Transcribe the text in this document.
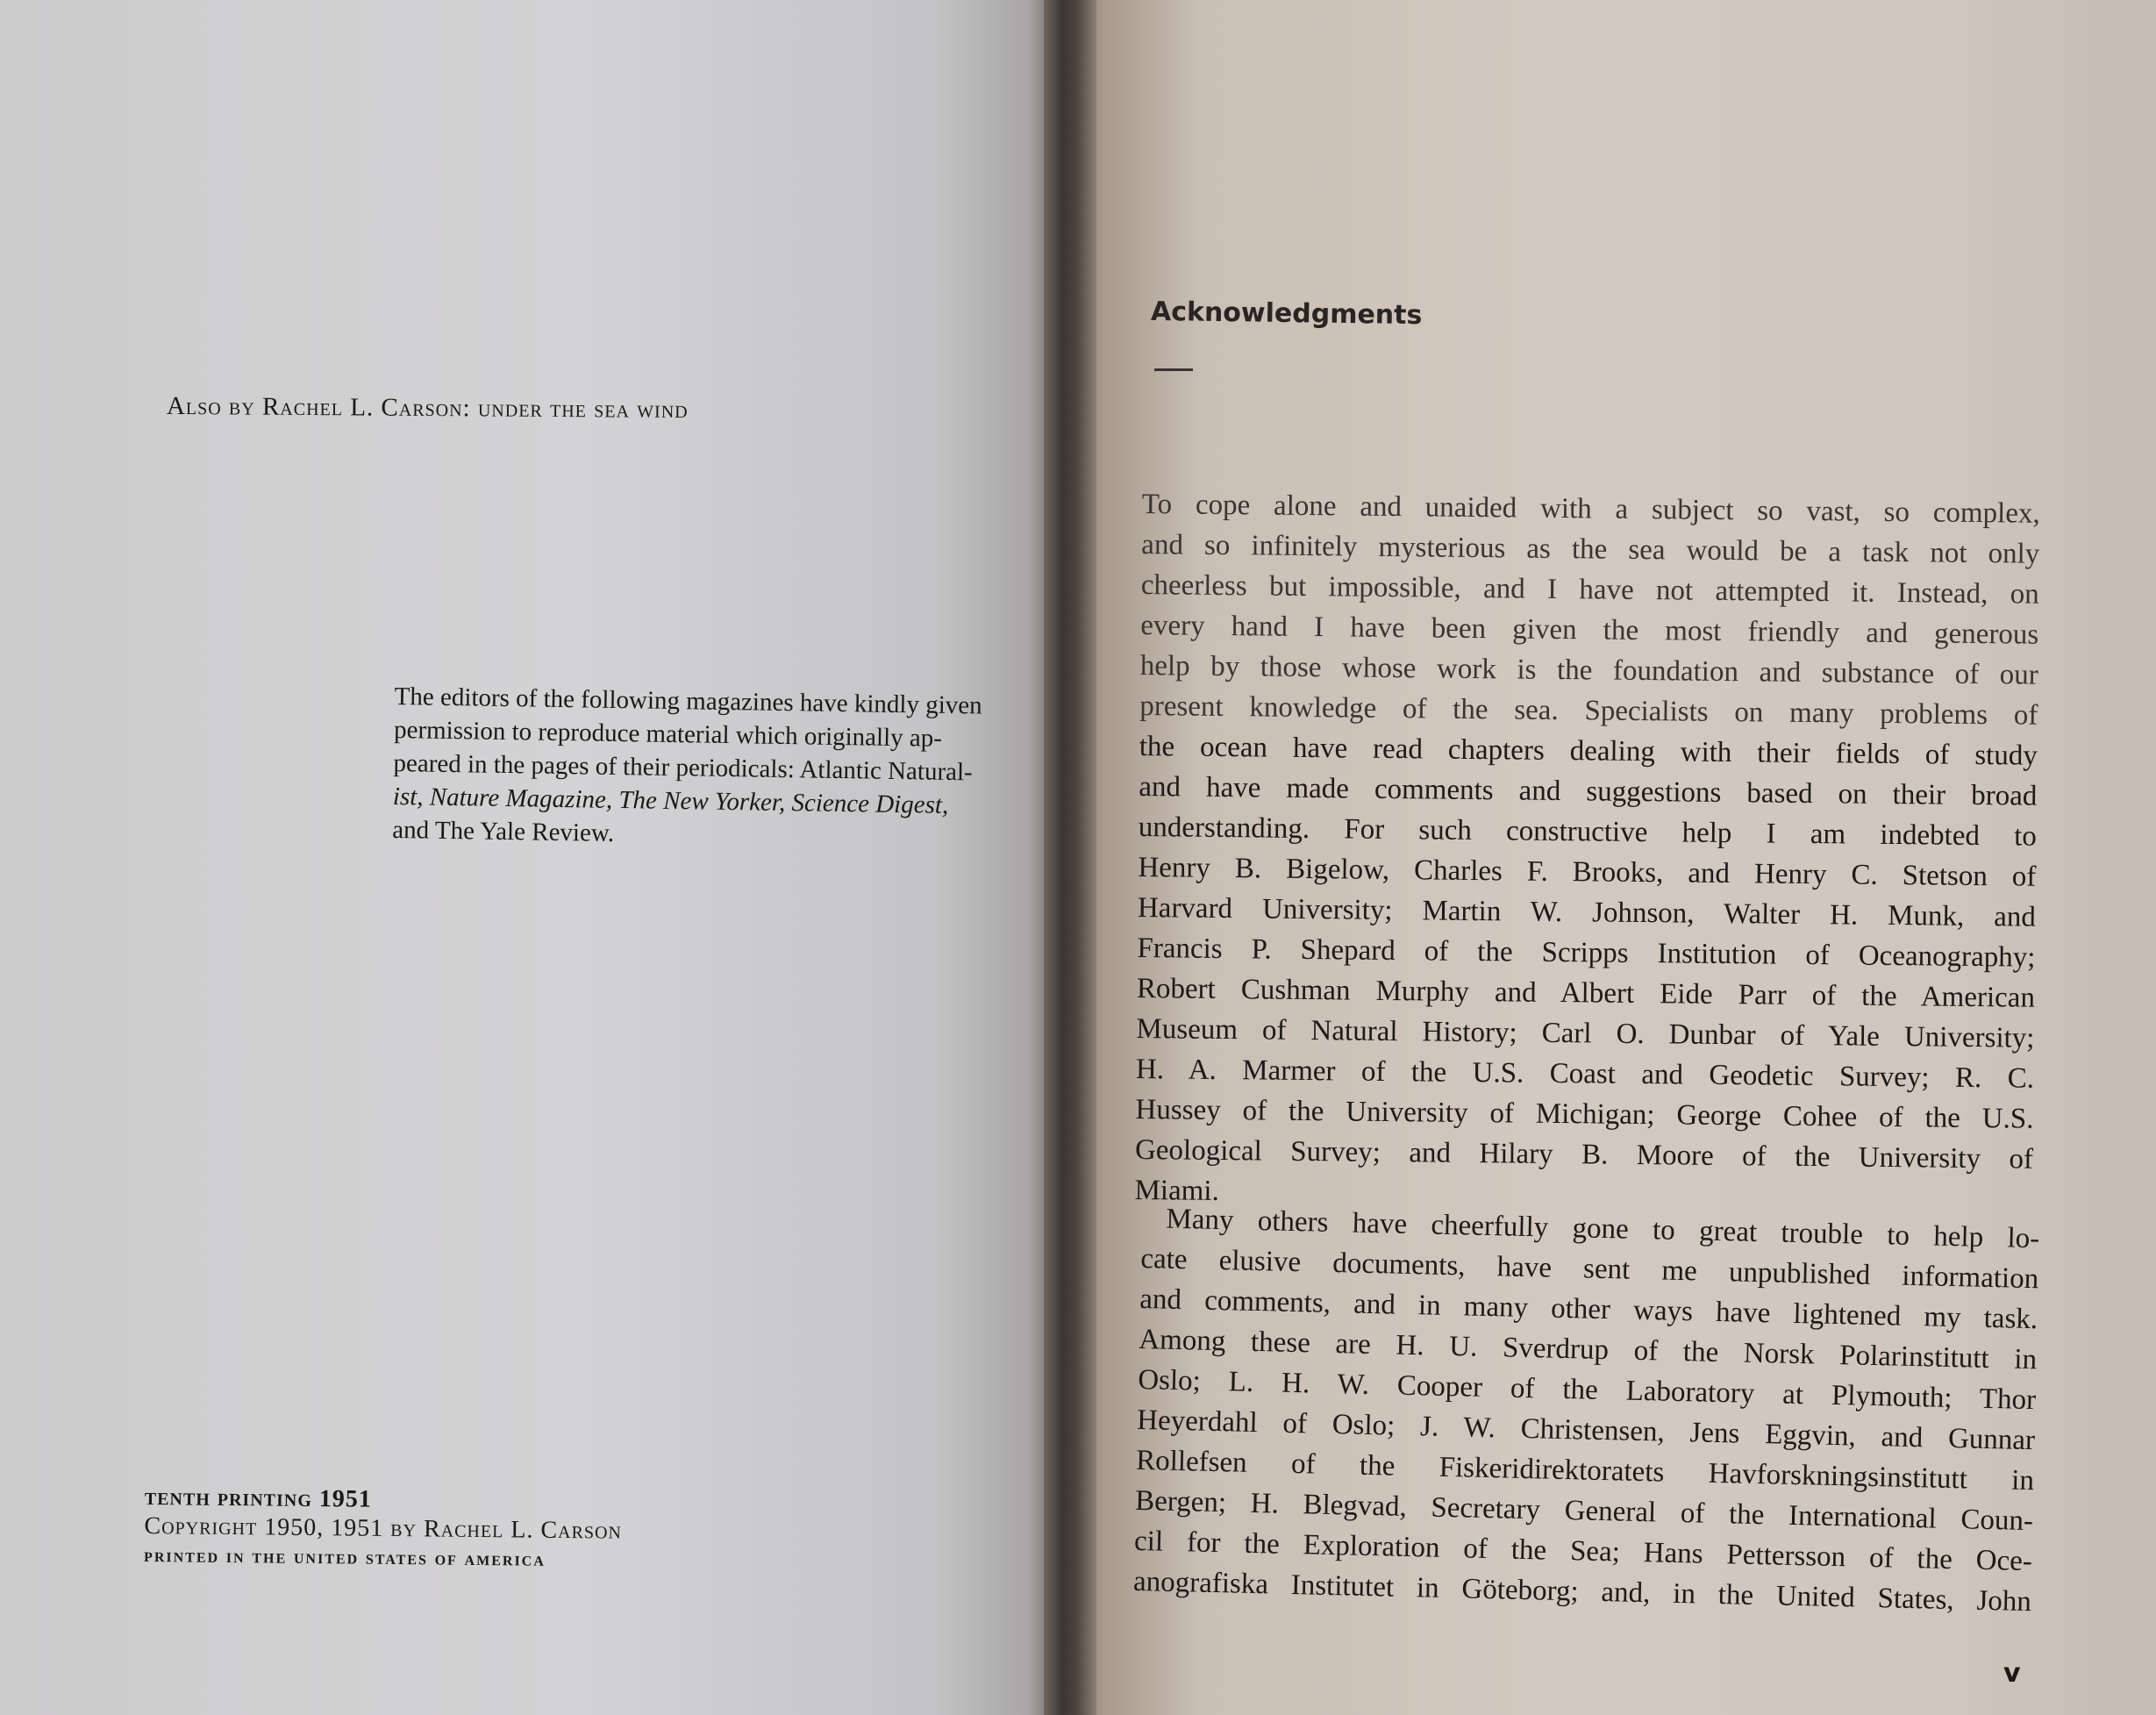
Also by Rachel L. Carson: under the sea wind
The editors of the following magazines have kindly given
permission to reproduce material which originally ap-
peared in the pages of their periodicals: Atlantic Natural-
ist, Nature Magazine, The New Yorker, Science Digest,
and The Yale Review.
tenth printing 1951
Copyright 1950, 1951 by Rachel L. Carson
printed in the united states of america
Acknowledgments
To cope alone and unaided with a subject so vast, so complex,
and so infinitely mysterious as the sea would be a task not only
cheerless but impossible, and I have not attempted it. Instead, on
every hand I have been given the most friendly and generous
help by those whose work is the foundation and substance of our
present knowledge of the sea. Specialists on many problems of
the ocean have read chapters dealing with their fields of study
and have made comments and suggestions based on their broad
understanding. For such constructive help I am indebted to
Henry B. Bigelow, Charles F. Brooks, and Henry C. Stetson of
Harvard University; Martin W. Johnson, Walter H. Munk, and
Francis P. Shepard of the Scripps Institution of Oceanography;
Robert Cushman Murphy and Albert Eide Parr of the American
Museum of Natural History; Carl O. Dunbar of Yale University;
H. A. Marmer of the U.S. Coast and Geodetic Survey; R. C.
Hussey of the University of Michigan; George Cohee of the U.S.
Geological Survey; and Hilary B. Moore of the University of
Miami.
Many others have cheerfully gone to great trouble to help lo-
cate elusive documents, have sent me unpublished information
and comments, and in many other ways have lightened my task.
Among these are H. U. Sverdrup of the Norsk Polarinstitutt in
Oslo; L. H. W. Cooper of the Laboratory at Plymouth; Thor
Heyerdahl of Oslo; J. W. Christensen, Jens Eggvin, and Gunnar
Rollefsen of the Fiskeridirektoratets Havforskningsinstitutt in
Bergen; H. Blegvad, Secretary General of the International Coun-
cil for the Exploration of the Sea; Hans Pettersson of the Oce-
anografiska Institutet in Göteborg; and, in the United States, John
v
